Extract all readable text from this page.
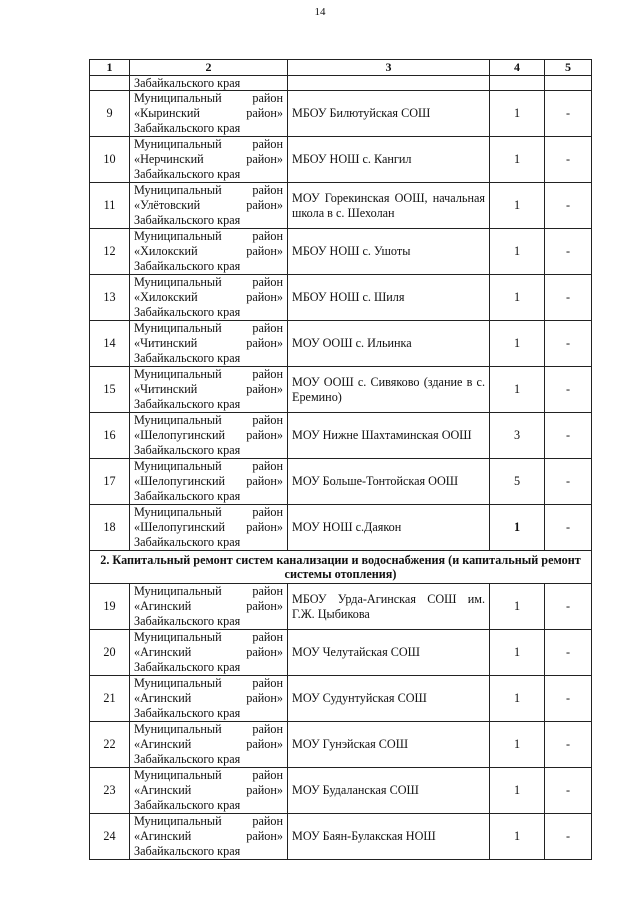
14
1	2	3	4	5
	Забайкальского края			
9	Муниципальный район «Кыринский район» Забайкальского края	МБОУ Билютуйская СОШ	1	-
10	Муниципальный район «Нерчинский район» Забайкальского края	МБОУ НОШ с. Кангил	1	-
11	Муниципальный район «Улётовский район» Забайкальского края	МОУ Горекинская ООШ, начальная школа в с. Шехолан	1	-
12	Муниципальный район «Хилокский район» Забайкальского края	МБОУ НОШ с. Ушоты	1	-
13	Муниципальный район «Хилокский район» Забайкальского края	МБОУ НОШ с. Шиля	1	-
14	Муниципальный район «Читинский район» Забайкальского края	МОУ ООШ с. Ильинка	1	-
15	Муниципальный район «Читинский район» Забайкальского края	МОУ ООШ с. Сивяково (здание в с. Еремино)	1	-
16	Муниципальный район «Шелопугинский район» Забайкальского края	МОУ Нижне Шахтаминская ООШ	3	-
17	Муниципальный район «Шелопугинский район» Забайкальского края	МОУ Больше-Тонтойская ООШ	5	-
18	Муниципальный район «Шелопугинский район» Забайкальского края	МОУ НОШ с.Даякон	1	-
2. Капитальный ремонт систем канализации и водоснабжения (и капитальный ремонт системы отопления)				
19	Муниципальный район «Агинский район» Забайкальского края	МБОУ Урда-Агинская СОШ им. Г.Ж. Цыбикова	1	-
20	Муниципальный район «Агинский район» Забайкальского края	МОУ Челутайская СОШ	1	-
21	Муниципальный район «Агинский район» Забайкальского края	МОУ Судунтуйская СОШ	1	-
22	Муниципальный район «Агинский район» Забайкальского края	МОУ Гунэйская СОШ	1	-
23	Муниципальный район «Агинский район» Забайкальского края	МОУ Будаланская СОШ	1	-
24	Муниципальный район «Агинский район» Забайкальского края	МОУ Баян-Булакская НОШ	1	-
